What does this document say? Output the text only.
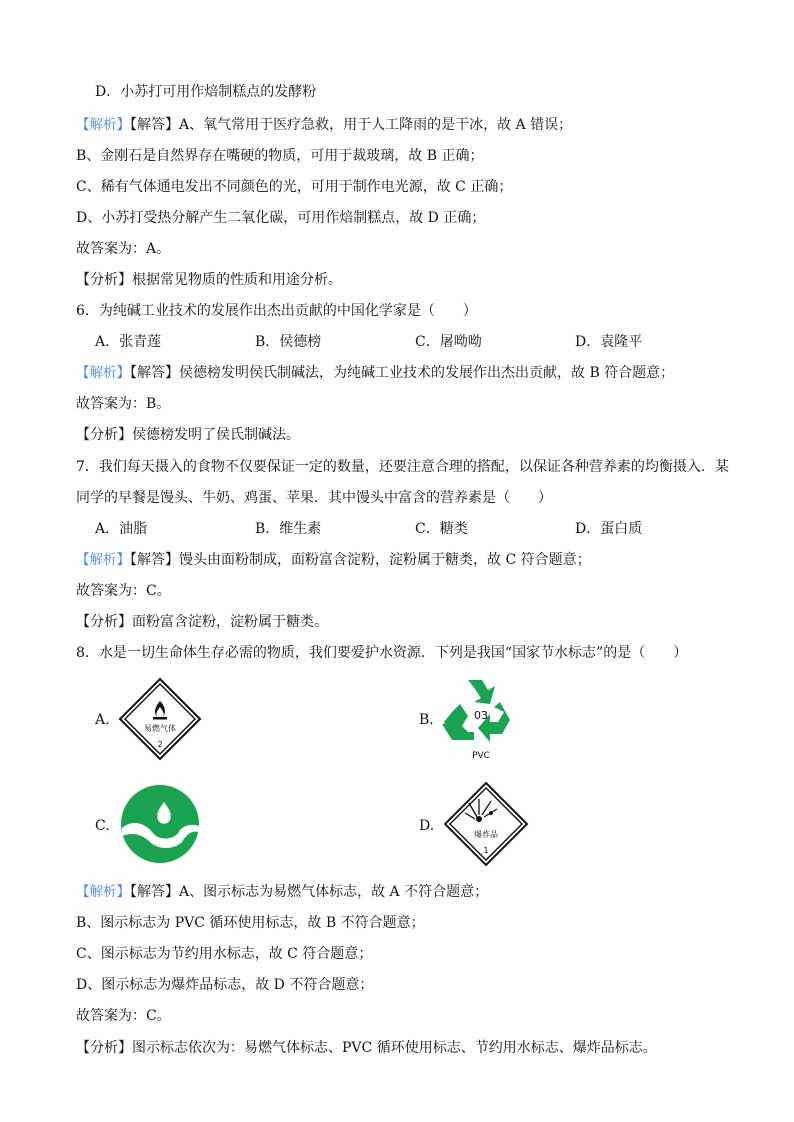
D．小苏打可用作焙制糕点的发酵粉
【解析】【解答】A、氧气常用于医疗急救，用于人工降雨的是干冰，故 A 错误；
B、金刚石是自然界存在嘴硬的物质，可用于裁玻璃，故 B 正确；
C、稀有气体通电发出不同颜色的光，可用于制作电光源，故 C 正确；
D、小苏打受热分解产生二氧化碳，可用作焙制糕点，故 D 正确；
故答案为：A。
【分析】根据常见物质的性质和用途分析。
6．为纯碱工业技术的发展作出杰出贡献的中国化学家是（　　）
A．张青莲	B．侯德榜	C．屠呦呦	D．袁隆平
【解析】【解答】侯德榜发明侯氏制碱法，为纯碱工业技术的发展作出杰出贡献，故 B 符合题意；
故答案为：B。
【分析】侯德榜发明了侯氏制碱法。
7．我们每天摄入的食物不仅要保证一定的数量，还要注意合理的搭配，以保证各种营养素的均衡摄入．某
同学的早餐是馒头、牛奶、鸡蛋、苹果．其中馒头中富含的营养素是（　　）
A．油脂	B．维生素	C．糖类	D．蛋白质
【解析】【解答】馒头由面粉制成，面粉富含淀粉，淀粉属于糖类，故 C 符合题意；
故答案为：C。
【分析】面粉富含淀粉，淀粉属于糖类。
8．水是一切生命体生存必需的物质，我们要爱护水资源．下列是我国“国家节水标志”的是（　　）
A.
易燃气体
2
B.	03
PVC
C.	D.
爆炸品
1
【解析】【解答】A、图示标志为易燃气体标志，故 A 不符合题意；
B、图示标志为 PVC 循环使用标志，故 B 不符合题意；
C、图示标志为节约用水标志，故 C 符合题意；
D、图示标志为爆炸品标志，故 D 不符合题意；
故答案为：C。
【分析】图示标志依次为：易燃气体标志、PVC 循环使用标志、节约用水标志、爆炸品标志。
